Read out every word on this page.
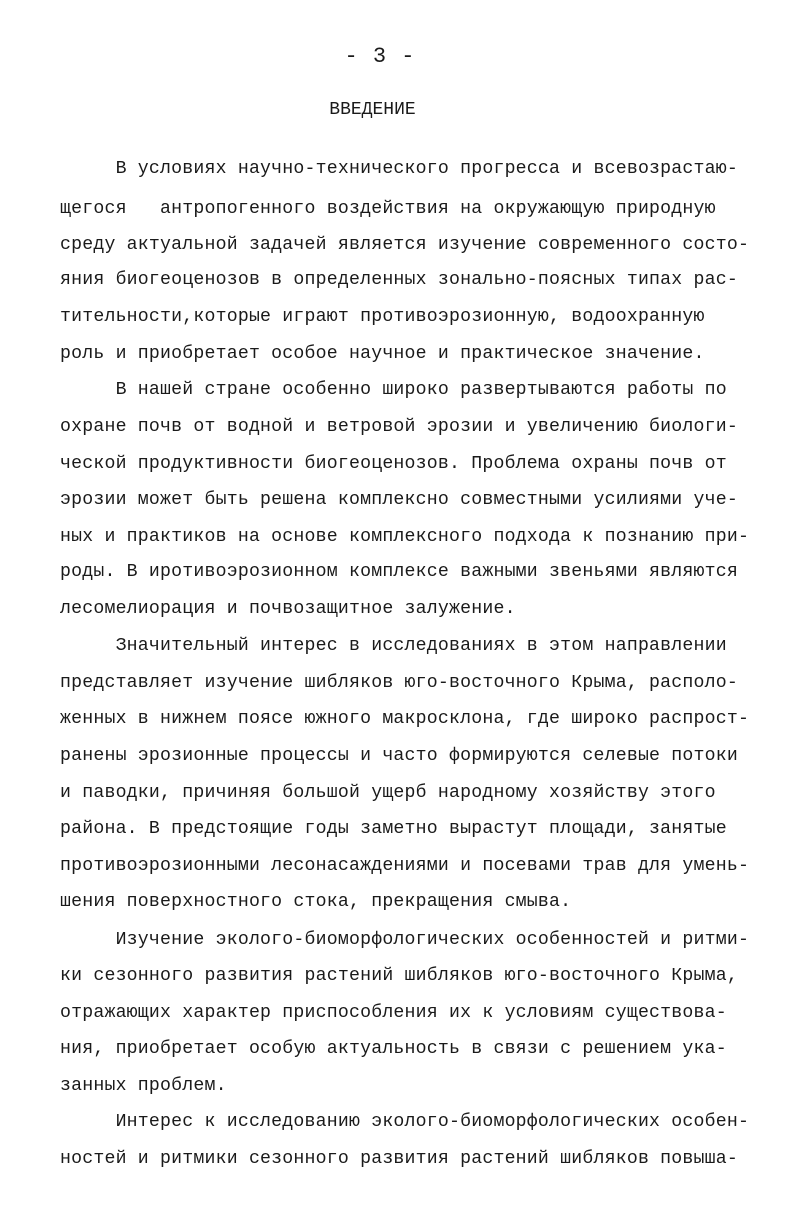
- 3 -
ВВЕДЕНИЕ
В условиях научно-технического прогресса и всевозрастаю-
щегося   антропогенного воздействия на окружающую природную
среду актуальной задачей является изучение современного состо-
яния биогеоценозов в определенных зонально-поясных типах рас-
тительности,которые играют противоэрозионную, водоохранную
роль и приобретает особое научное и практическое значение.
В нашей стране особенно широко развертываются работы по
охране почв от водной и ветровой эрозии и увеличению биологи-
ческой продуктивности биогеоценозов. Проблема охраны почв от
эрозии может быть решена комплексно совместными усилиями уче-
ных и практиков на основе комплексного подхода к познанию при-
роды. В иротивоэрозионном комплексе важными звеньями являются
лесомелиорация и почвозащитное залужение.
Значительный интерес в исследованиях в этом направлении
представляет изучение шибляков юго-восточного Крыма, располо-
женных в нижнем поясе южного макросклона, где широко распрост-
ранены эрозионные процессы и часто формируются селевые потоки
и паводки, причиняя большой ущерб народному хозяйству этого
района. В предстоящие годы заметно вырастут площади, занятые
противоэрозионными лесонасаждениями и посевами трав для умень-
шения поверхностного стока, прекращения смыва.
Изучение эколого-биоморфологических особенностей и ритми-
ки сезонного развития растений шибляков юго-восточного Крыма,
отражающих характер приспособления их к условиям существова-
ния, приобретает особую актуальность в связи с решением ука-
занных проблем.
Интерес к исследованию эколого-биоморфологических особен-
ностей и ритмики сезонного развития растений шибляков повыша-
